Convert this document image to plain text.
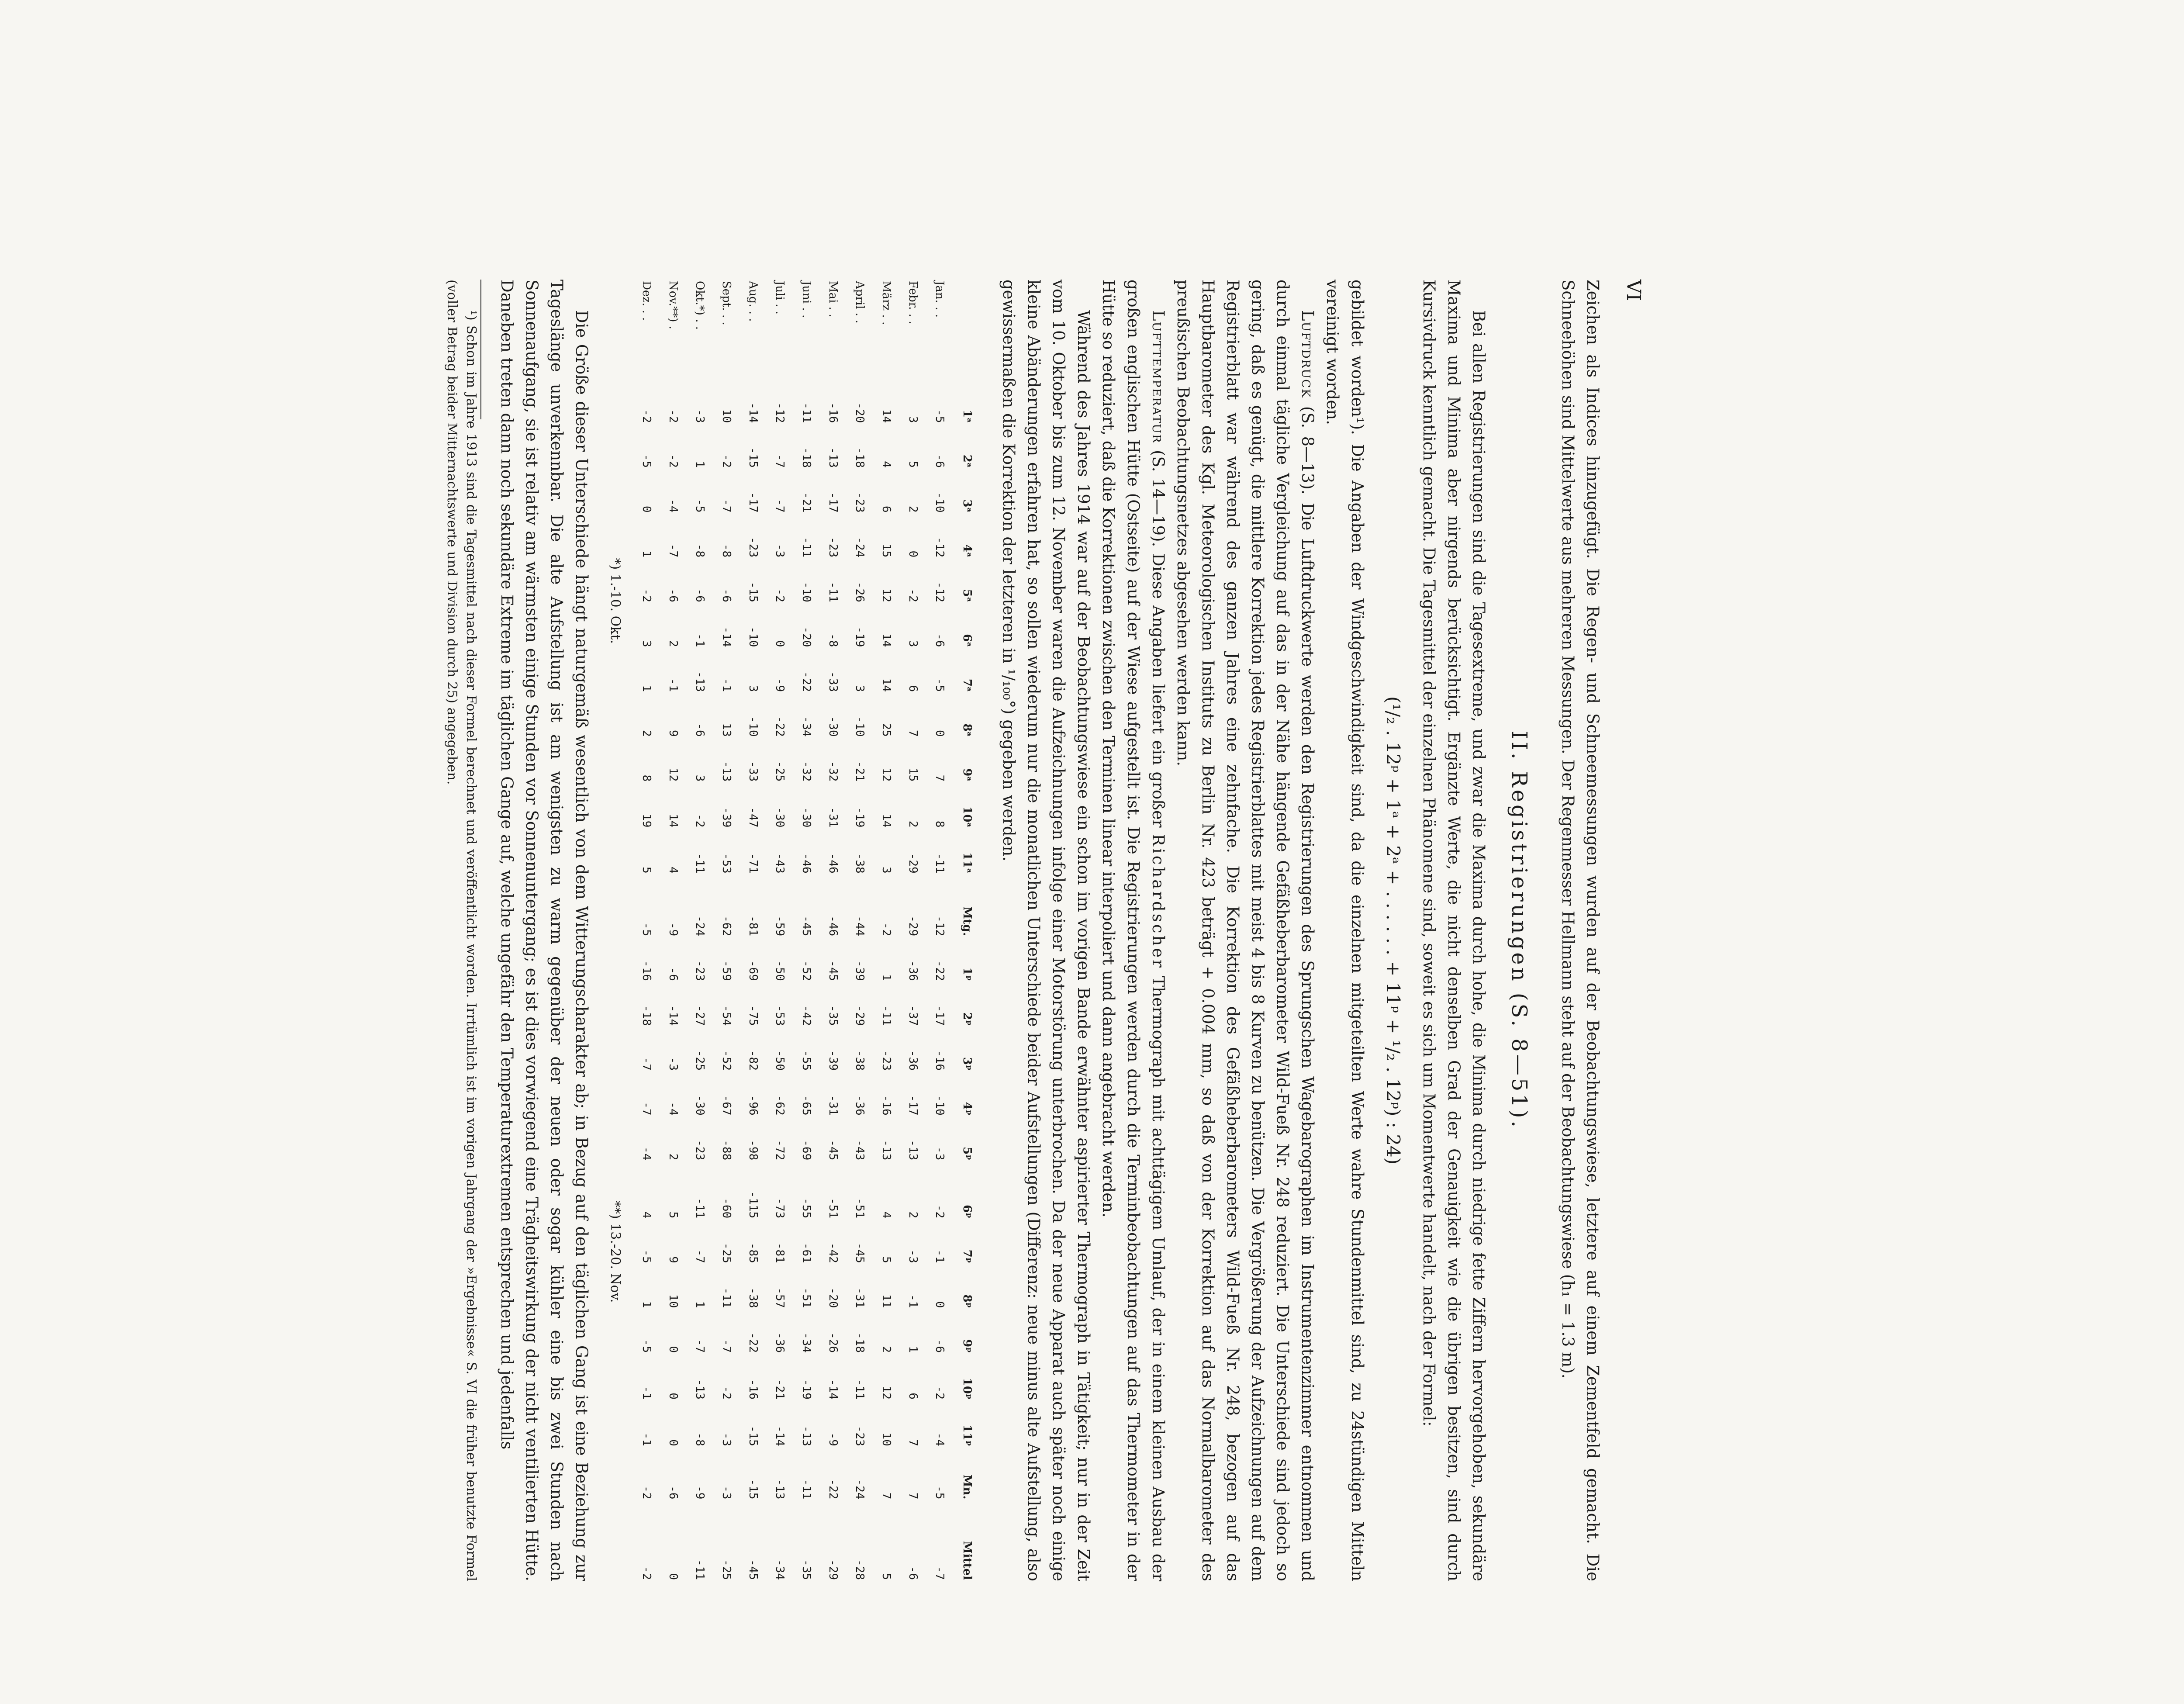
VI

Zeichen als Indices hinzugefügt. Die Regen- und Schneemessungen wurden auf der Beobachtungswiese, letztere auf einem Zementfeld gemacht. Die Schneehöhen sind Mittelwerte aus mehreren Messungen. Der Regenmesser Hellmann steht auf der Beobachtungswiese (h₁ = 1.3 m).

II. Registrierungen (S. 8—51).

Bei allen Registrierungen sind die Tagesextreme, und zwar die Maxima durch hohe, die Minima durch niedrige fette Ziffern hervorgehoben, sekundäre Maxima und Minima aber nirgends berücksichtigt. Ergänzte Werte, die nicht denselben Grad der Genauigkeit wie die übrigen besitzen, sind durch Kursivdruck kenntlich gemacht. Die Tagesmittel der einzelnen Phänomene sind, soweit es sich um Momentwerte handelt, nach der Formel:

(¹/₂ . 12ᵖ + 1ᵃ + 2ᵃ + . . . . . . + 11ᵖ + ¹/₂ . 12ᵖ) : 24)

gebildet worden¹). Die Angaben der Windgeschwindigkeit sind, da die einzelnen mitgeteilten Werte wahre Stundenmittel sind, zu 24stündigen Mitteln vereinigt worden.

Luftdruck (S. 8—13). Die Luftdruckwerte werden den Registrierungen des Sprungschen Wagebarographen im Instrumentenzimmer entnommen und durch einmal tägliche Vergleichung auf das in der Nähe hängende Gefäßheberbarometer Wild-Fueß Nr. 248 reduziert. Die Unterschiede sind jedoch so gering, daß es genügt, die mittlere Korrektion jedes Registrierblattes mit meist 4 bis 8 Kurven zu benützen. Die Vergrößerung der Aufzeichnungen auf dem Registrierblatt war während des ganzen Jahres eine zehnfache. Die Korrektion des Gefäßheberbarometers Wild-Fueß Nr. 248, bezogen auf das Hauptbarometer des Kgl. Meteorologischen Instituts zu Berlin Nr. 423 beträgt + 0.004 mm, so daß von der Korrektion auf das Normalbarometer des preußischen Beobachtungsnetzes abgesehen werden kann.

Lufttemperatur (S. 14—19). Diese Angaben liefert ein großer Richardscher Thermograph mit achttägigem Umlauf, der in einem kleinen Ausbau der großen englischen Hütte (Ostseite) auf der Wiese aufgestellt ist. Die Registrierungen werden durch die Terminbeobachtungen auf das Thermometer in der Hütte so reduziert, daß die Korrektionen zwischen den Terminen linear interpoliert und dann angebracht werden.

Während des Jahres 1914 war auf der Beobachtungswiese ein schon im vorigen Bande erwähnter aspirierter Thermograph in Tätigkeit; nur in der Zeit vom 10. Oktober bis zum 12. November waren die Aufzeichnungen infolge einer Motorstörung unterbrochen. Da der neue Apparat auch später noch einige kleine Abänderungen erfahren hat, so sollen wiederum nur die monatlichen Unterschiede beider Aufstellungen (Differenz: neue minus alte Aufstellung, also gewissermaßen die Korrektion der letzteren in ¹/₁₀₀°) gegeben werden.

	1ᵃ	2ᵃ	3ᵃ	4ᵃ	5ᵃ	6ᵃ	7ᵃ	8ᵃ	9ᵃ	10ᵃ	11ᵃ	Mtg.	1ᵖ	2ᵖ	3ᵖ	4ᵖ	5ᵖ	6ᵖ	7ᵖ	8ᵖ	9ᵖ	10ᵖ	11ᵖ	Mn.	Mittel
Jan. . .	-5	-6	-10	-12	-12	-6	-5	0	7	8	-11	-12	-22	-17	-16	-10	-3	-2	-1	0	-6	-2	-4	-5	-7
Febr. . .	3	5	2	0	-2	3	6	7	15	2	-29	-29	-36	-37	-36	-17	-13	2	-3	-1	1	6	7	7	-6
März . .	14	4	6	15	12	14	14	25	12	14	3	-2	1	-11	-23	-16	-13	4	5	11	2	12	10	7	5
April . .	-20	-18	-23	-24	-26	-19	3	-10	-21	-19	-38	-44	-39	-29	-38	-36	-43	-51	-45	-31	-18	-11	-23	-24	-28
Mai . .	-16	-13	-17	-23	-11	-8	-33	-30	-32	-31	-46	-46	-45	-35	-39	-31	-45	-51	-42	-20	-26	-14	-9	-22	-29
Juni . .	-11	-18	-21	-11	-10	-20	-22	-34	-32	-30	-46	-45	-52	-42	-55	-65	-69	-55	-61	-51	-34	-19	-13	-11	-35
Juli . .	-12	-7	-7	-3	-2	0	-9	-22	-25	-30	-43	-59	-50	-53	-50	-62	-72	-73	-81	-57	-36	-21	-14	-13	-34
Aug. . .	-14	-15	-17	-23	-15	-10	3	-10	-33	-47	-71	-81	-69	-75	-82	-96	-98	-115	-85	-38	-22	-16	-15	-15	-45
Sept. . .	10	-2	-7	-8	-6	-14	-1	13	-13	-39	-53	-62	-59	-54	-52	-67	-88	-60	-25	-11	-7	-2	-3	-3	-25
Okt.*) . .	-3	1	-5	-8	-6	-1	-13	-6	3	-2	-11	-24	-23	-27	-25	-30	-23	-11	-7	1	-7	-13	-8	-9	-11
Nov.**) .	-2	-2	-4	-7	-6	2	-1	9	12	14	4	-9	-6	-14	-3	-4	2	5	9	10	0	0	0	-6	0
Dez. . .	-2	-5	0	1	-2	3	1	2	8	19	5	-5	-16	-18	-7	-7	-4	4	-5	1	-5	-1	-1	-2	-2
*) 1.-10. Okt.
**) 13.-20. Nov.

Die Größe dieser Unterschiede hängt naturgemäß wesentlich von dem Witterungscharakter ab; in Bezug auf den täglichen Gang ist eine Beziehung zur Tageslänge unverkennbar. Die alte Aufstellung ist am wenigsten zu warm gegenüber der neuen oder sogar kühler eine bis zwei Stunden nach Sonnenaufgang, sie ist relativ am wärmsten einige Stunden vor Sonnenuntergang; es ist dies vorwiegend eine Trägheitswirkung der nicht ventilierten Hütte. Daneben treten dann noch sekundäre Extreme im täglichen Gange auf, welche ungefähr den Temperaturextremen entsprechen und jedenfalls

¹) Schon im Jahre 1913 sind die Tagesmittel nach dieser Formel berechnet und veröffentlicht worden. Irrtümlich ist im vorigen Jahrgang der »Ergebnisse« S. VI die früher benutzte Formel (voller Betrag beider Mitternachtswerte und Division durch 25) angegeben.
